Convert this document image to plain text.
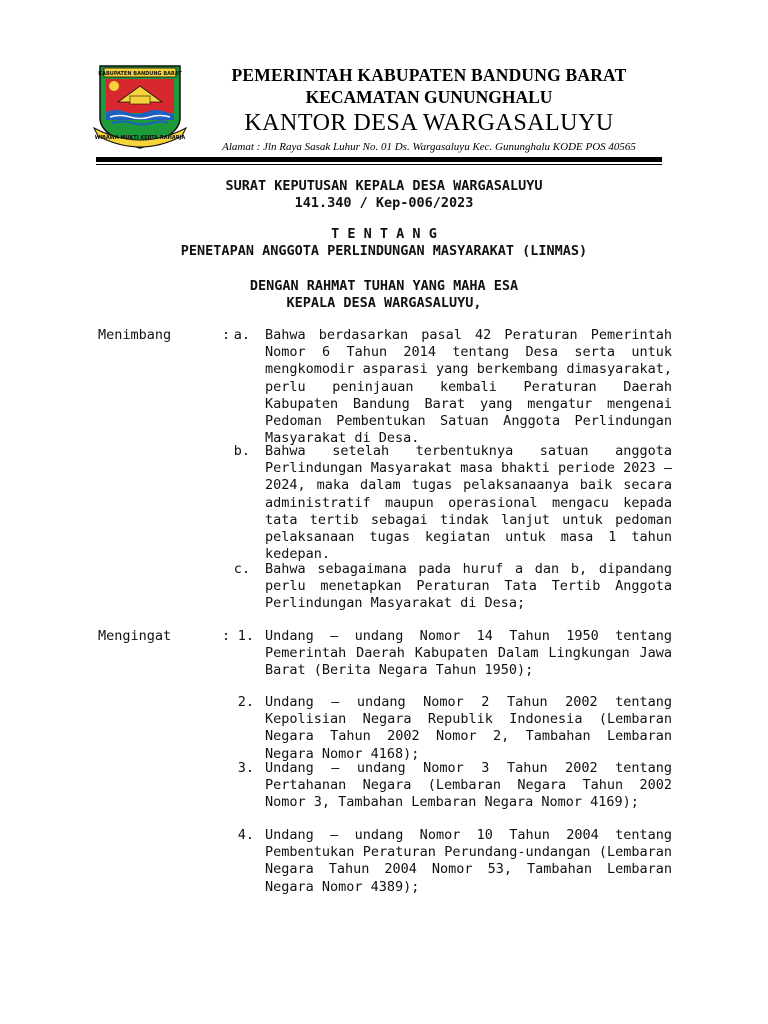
KABUPATEN BANDUNG BARAT
WIBAWA MUKTI KERTA RAHARJA
PEMERINTAH KABUPATEN BANDUNG BARAT
KECAMATAN GUNUNGHALU
KANTOR DESA WARGASALUYU
Alamat : Jln Raya Sasak Luhur No. 01 Ds. Wargasaluyu Kec. Gununghalu KODE POS 40565
SURAT KEPUTUSAN KEPALA DESA WARGASALUYU
141.340 / Kep-006/2023
T E N T A N G
PENETAPAN ANGGOTA PERLINDUNGAN MASYARAKAT (LINMAS)
DENGAN RAHMAT TUHAN YANG MAHA ESA
KEPALA DESA WARGASALUYU,
Menimbang	: a. Bahwa berdasarkan pasal 42 Peraturan Pemerintah Nomor 6 Tahun 2014 tentang Desa serta untuk mengkomodir asparasi yang berkembang dimasyarakat, perlu peninjauan kembali Peraturan Daerah Kabupaten Bandung Barat yang mengatur mengenai Pedoman Pembentukan Satuan Anggota Perlindungan Masyarakat di Desa.
b. Bahwa setelah terbentuknya satuan anggota Perlindungan Masyarakat masa bhakti periode 2023 – 2024, maka dalam tugas pelaksanaanya baik secara administratif maupun operasional mengacu kepada tata tertib sebagai tindak lanjut untuk pedoman pelaksanaan tugas kegiatan untuk masa 1 tahun kedepan.
c. Bahwa sebagaimana pada huruf a dan b, dipandang perlu menetapkan Peraturan Tata Tertib Anggota Perlindungan Masyarakat di Desa;
Mengingat	: 1. Undang – undang Nomor 14 Tahun 1950 tentang Pemerintah Daerah Kabupaten Dalam Lingkungan Jawa Barat (Berita Negara Tahun 1950);
2. Undang – undang Nomor 2 Tahun 2002 tentang Kepolisian Negara Republik Indonesia (Lembaran Negara Tahun 2002 Nomor 2, Tambahan Lembaran Negara Nomor 4168);
3. Undang – undang Nomor 3 Tahun 2002 tentang Pertahanan Negara (Lembaran Negara Tahun 2002 Nomor 3, Tambahan Lembaran Negara Nomor 4169);
4. Undang – undang Nomor 10 Tahun 2004 tentang Pembentukan Peraturan Perundang-undangan (Lembaran Negara Tahun 2004 Nomor 53, Tambahan Lembaran Negara Nomor 4389);
